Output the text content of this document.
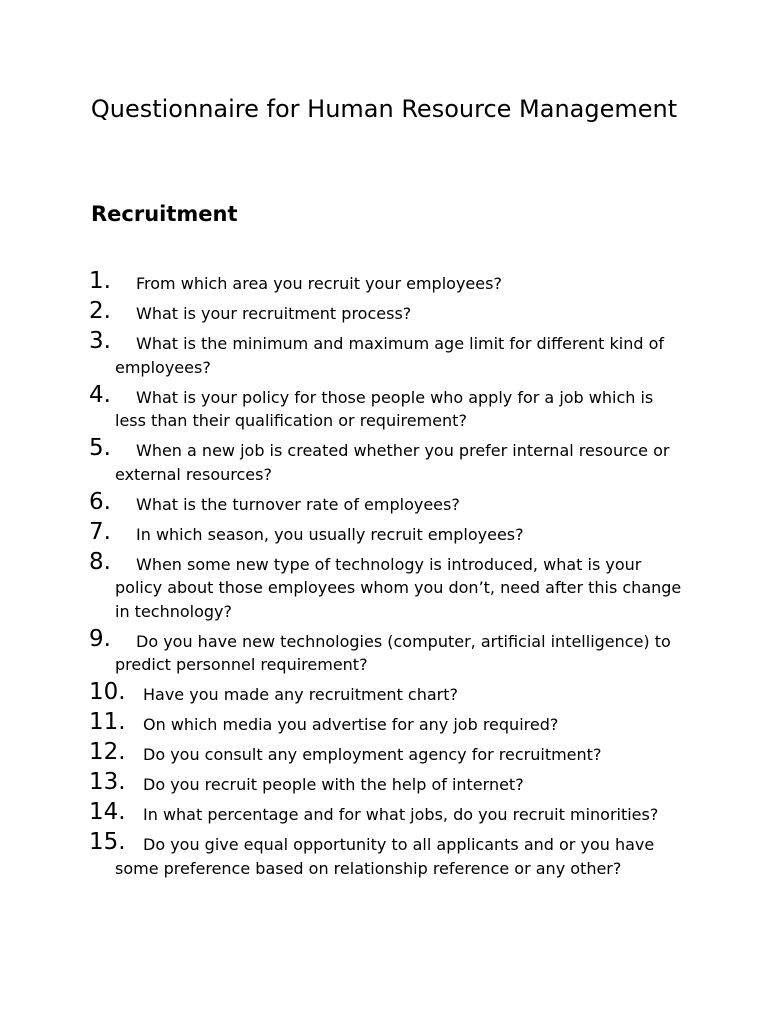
Questionnaire for Human Resource Management
Recruitment
1. From which area you recruit your employees?
2. What is your recruitment process?
3. What is the minimum and maximum age limit for different kind of employees?
4. What is your policy for those people who apply for a job which is less than their qualification or requirement?
5. When a new job is created whether you prefer internal resource or external resources?
6. What is the turnover rate of employees?
7. In which season, you usually recruit employees?
8. When some new type of technology is introduced, what is your policy about those employees whom you don’t, need after this change in technology?
9. Do you have new technologies (computer, artificial intelligence) to predict personnel requirement?
10. Have you made any recruitment chart?
11. On which media you advertise for any job required?
12. Do you consult any employment agency for recruitment?
13. Do you recruit people with the help of internet?
14. In what percentage and for what jobs, do you recruit minorities?
15. Do you give equal opportunity to all applicants and or you have some preference based on relationship reference or any other?
